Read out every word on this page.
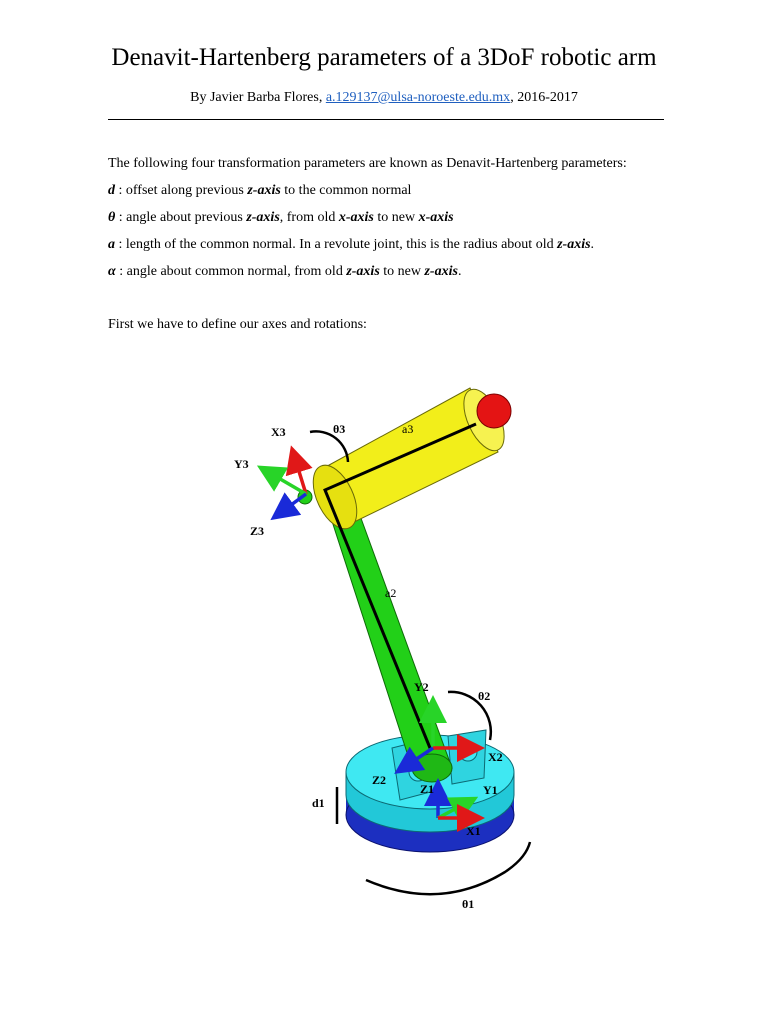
Denavit-Hartenberg parameters of a 3DoF robotic arm
By Javier Barba Flores, a.129137@ulsa-noroeste.edu.mx, 2016-2017
The following four transformation parameters are known as Denavit-Hartenberg parameters:
d : offset along previous z-axis to the common normal
θ : angle about previous z-axis, from old x-axis to new x-axis
a : length of the common normal. In a revolute joint, this is the radius about old z-axis.
α : angle about common normal, from old z-axis to new z-axis.
First we have to define our axes and rotations:
X3	θ3	a3
Y3
Z3
a2
Y2
θ2
X2
Z2
Z1	Y1
X1
d1
θ1
